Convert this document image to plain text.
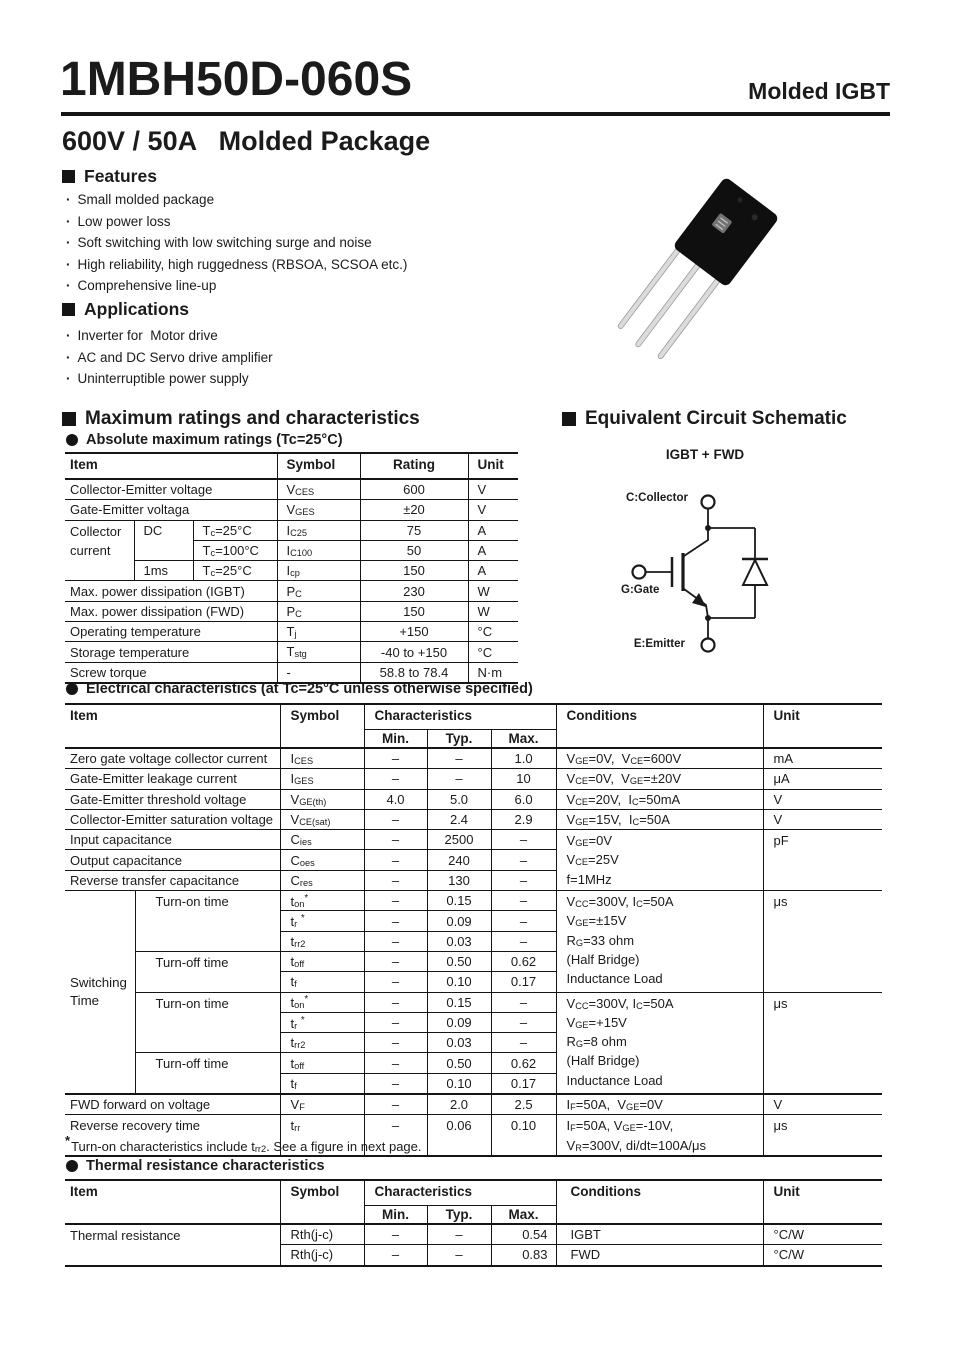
1MBH50D-060S	Molded IGBT
600V / 50A   Molded Package
Features
· Small molded package
· Low power loss
· Soft switching with low switching surge and noise
· High reliability, high ruggedness (RBSOA, SCSOA etc.)
· Comprehensive line-up
Applications
· Inverter for  Motor drive
· AC and DC Servo drive amplifier
· Uninterruptible power supply
Maximum ratings and characteristics	Equivalent Circuit Schematic
Absolute maximum ratings (Tc=25°C)
Item			Symbol	Rating	Unit
Collector-Emitter voltage			VCES	600	V
Gate-Emitter voltaga			VGES	±20	V
Collector current	DC	Tc=25°C	IC25	75	A
		Tc=100°C	IC100	50	A
	1ms	Tc=25°C	Icp	150	A
Max. power dissipation (IGBT)			PC	230	W
Max. power dissipation (FWD)			PC	150	W
Operating temperature			Tj	+150	°C
Storage temperature			Tstg	-40 to +150	°C
Screw torque			-	58.8 to 78.4	N·m
IGBT + FWD
C:Collector
G:Gate
E:Emitter
Electrical characteristics (at Tc=25°C unless otherwise specified)
Item		Symbol	Characteristics			Conditions	Unit
			Min.	Typ.	Max.		
Zero gate voltage collector current		ICES	–	–	1.0	VGE=0V,  VCE=600V	mA
Gate-Emitter leakage current		IGES	–	–	10	VCE=0V,  VGE=±20V	μA
Gate-Emitter threshold voltage		VGE(th)	4.0	5.0	6.0	VCE=20V,  IC=50mA	V
Collector-Emitter saturation voltage		VCE(sat)	–	2.4	2.9	VGE=15V,  IC=50A	V
Input capacitance		Cies	–	2500	–	VGE=0V
VCE=25V
f=1MHz	pF
Output capacitance		Coes	–	240	–		
Reverse transfer capacitance		Cres	–	130	–		
Switching Time	Turn-on time	ton*	–	0.15	–	VCC=300V, IC=50A
VGE=±15V
RG=33 ohm
(Half Bridge)
Inductance Load	μs
		tr *	–	0.09	–		
		trr2	–	0.03	–		
	Turn-off time	toff	–	0.50	0.62		
		tf	–	0.10	0.17		
	Turn-on time	ton*	–	0.15	–	VCC=300V, IC=50A
VGE=+15V
RG=8 ohm
(Half Bridge)
Inductance Load	μs
		tr *	–	0.09	–		
		trr2	–	0.03	–		
	Turn-off time	toff	–	0.50	0.62		
		tf	–	0.10	0.17		
FWD forward on voltage		VF	–	2.0	2.5	IF=50A,  VGE=0V	V
Reverse recovery time		trr	–	0.06	0.10	IF=50A, VGE=-10V,
VR=300V, di/dt=100A/μs	μs
*Turn-on characteristics include trr2. See a figure in next page.
Thermal resistance characteristics
Item	Symbol	Characteristics			Conditions	Unit
		Min.	Typ.	Max.		
Thermal resistance	Rth(j-c)	–	–	0.54	IGBT	°C/W
	Rth(j-c)	–	–	0.83	FWD	°C/W
